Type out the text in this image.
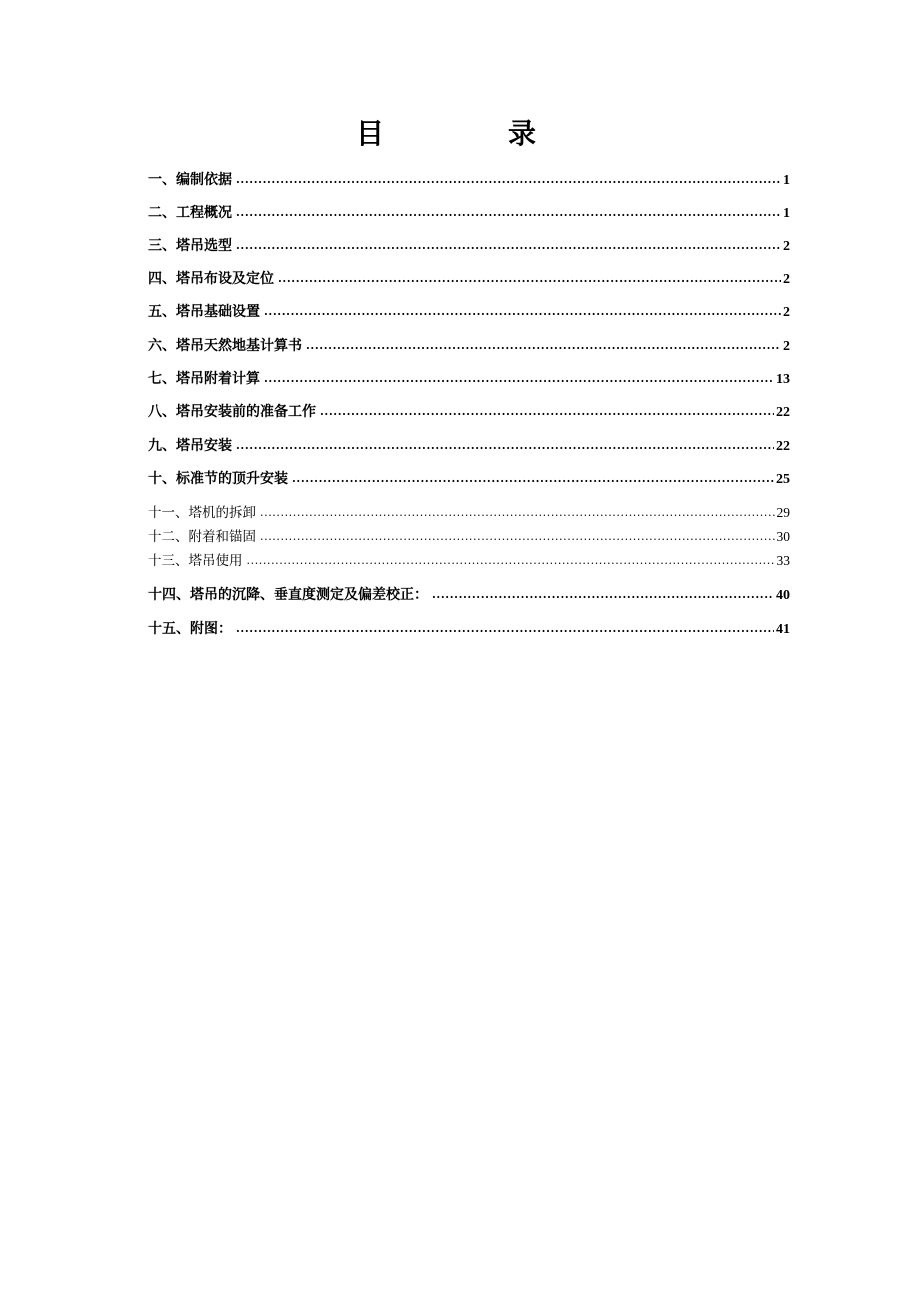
目　录
一、编制依据 .....	1
二、工程概况 .....	1
三、塔吊选型 .....	2
四、塔吊布设及定位 .....	2
五、塔吊基础设置 .....	2
六、塔吊天然地基计算书 .....	2
七、塔吊附着计算 .....	13
八、塔吊安装前的准备工作 .....	22
九、塔吊安装 .....	22
十、标准节的顶升安装 .....	25
十一、塔机的拆卸 .....	29
十二、附着和锚固 .....	30
十三、塔吊使用 .....	33
十四、塔吊的沉降、垂直度测定及偏差校正： .....	40
十五、附图： .....	41
